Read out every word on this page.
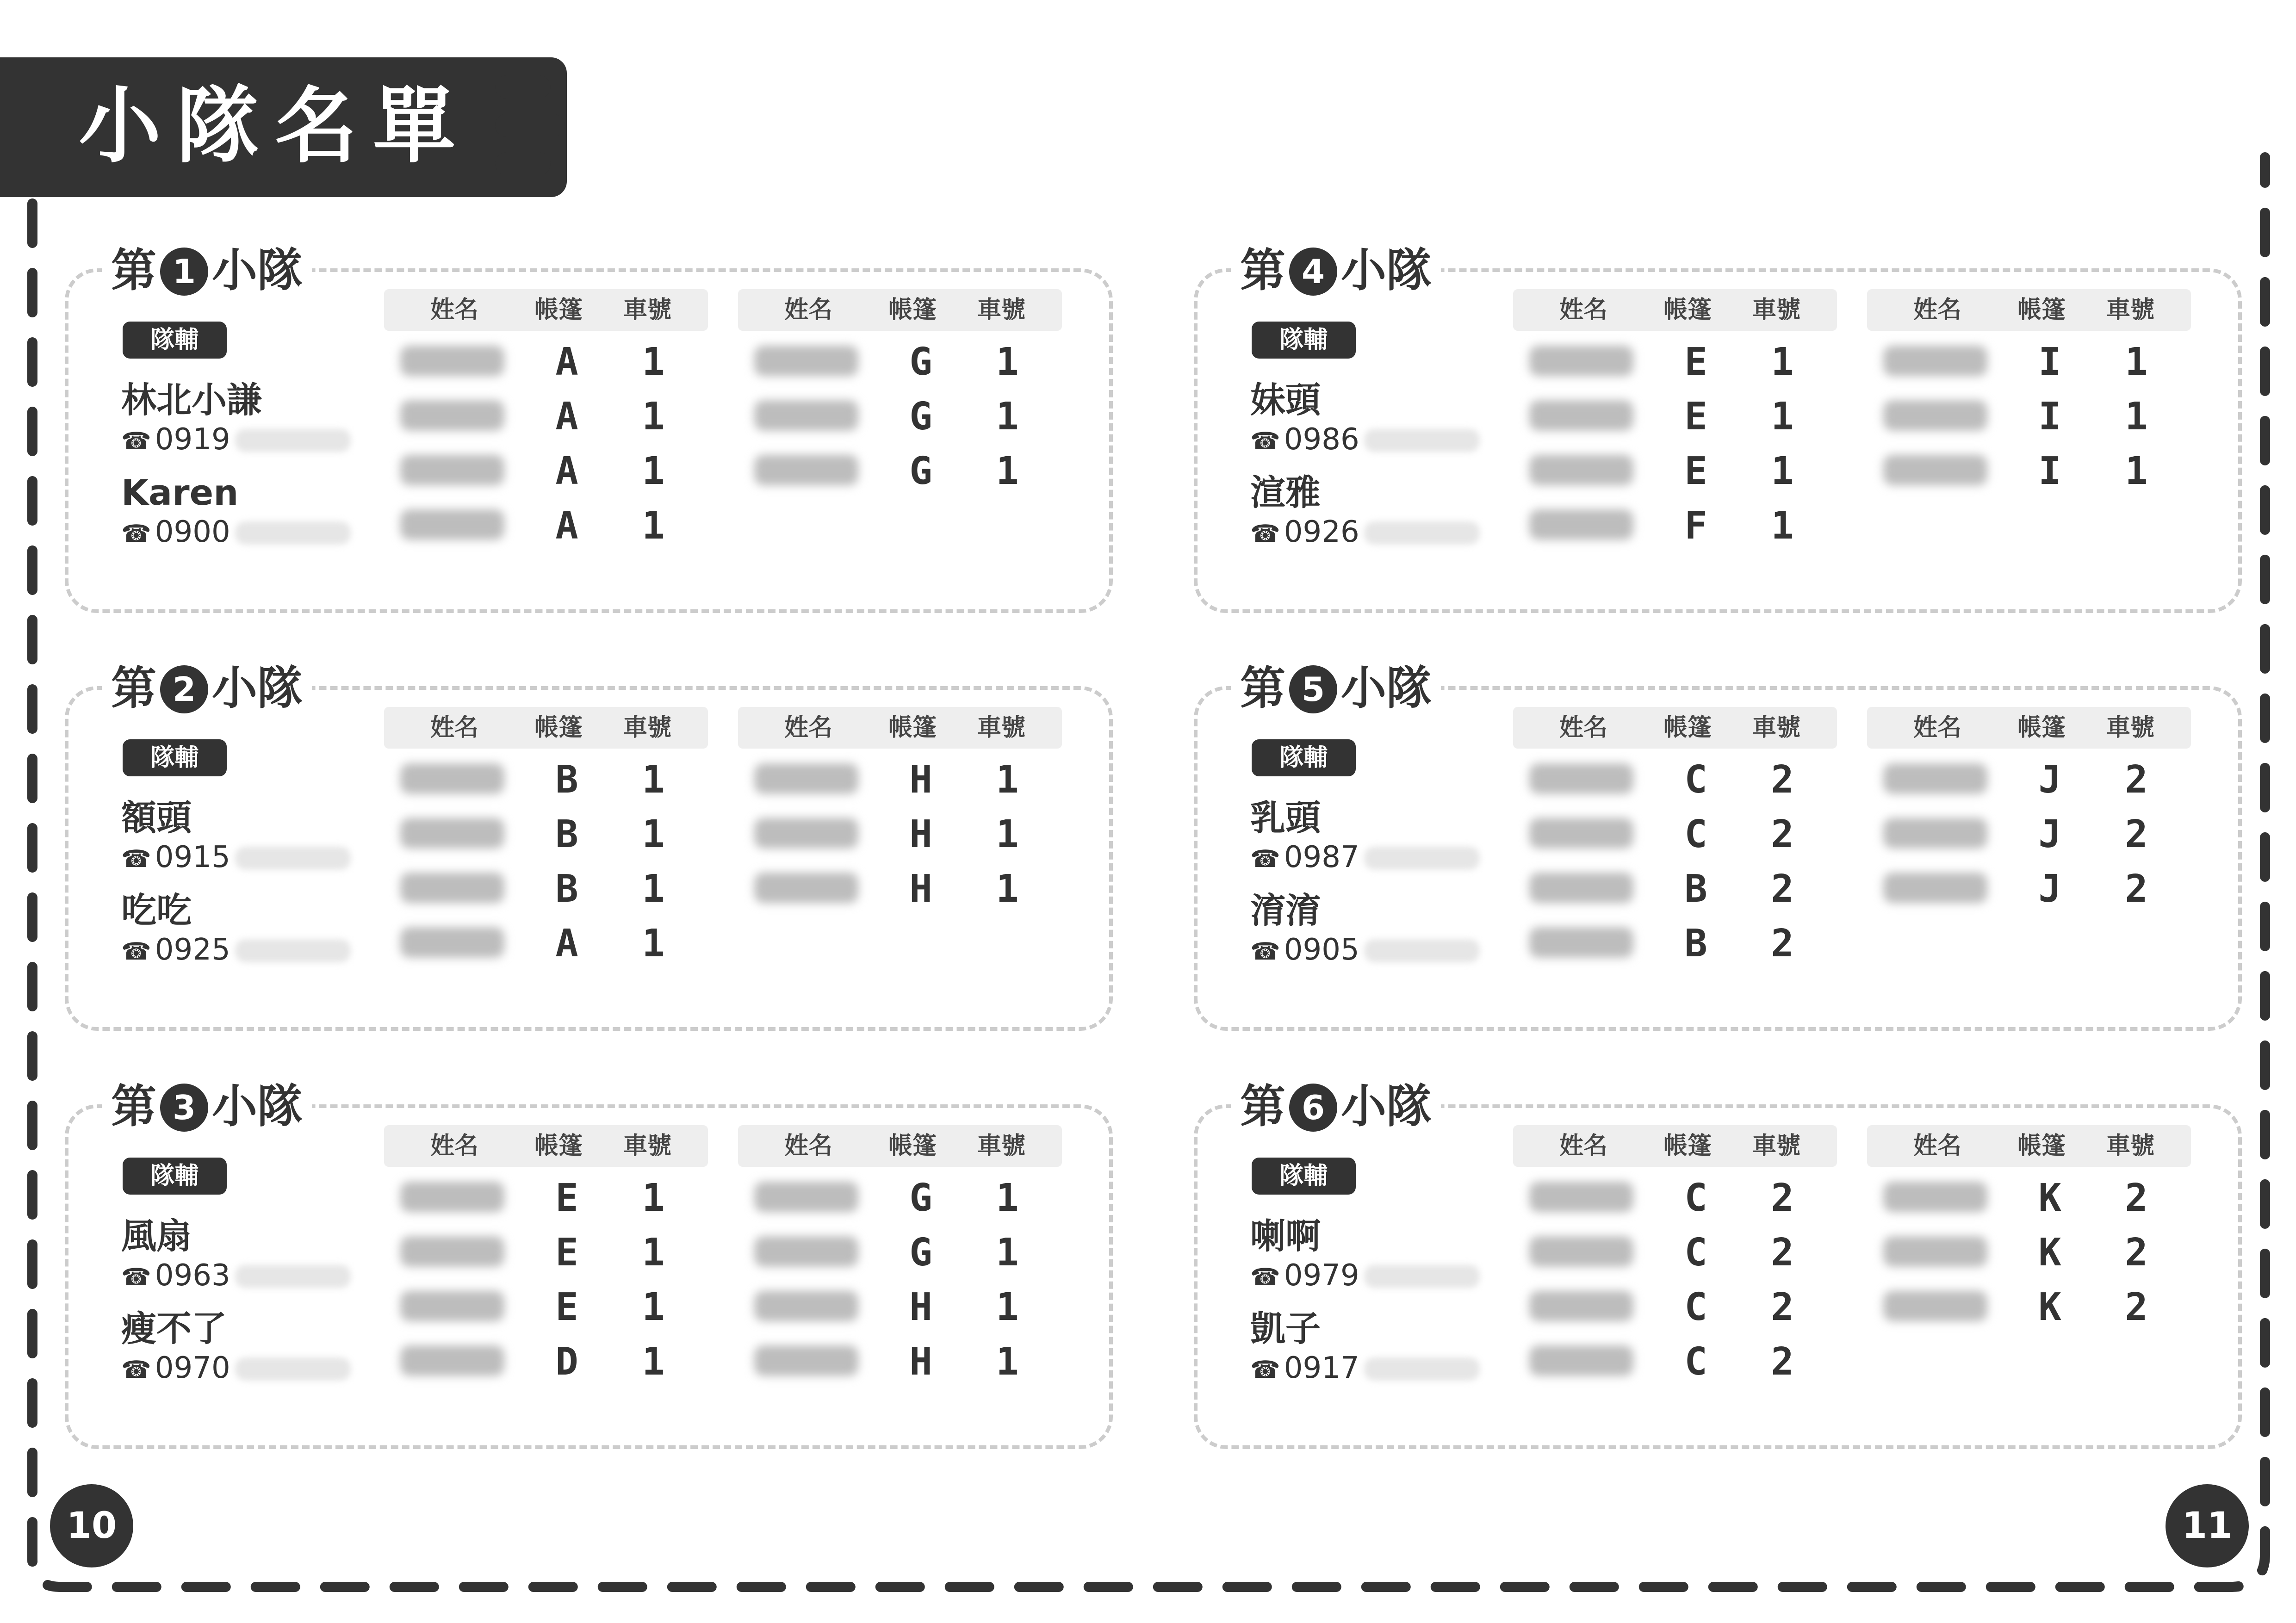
小隊名單
10	11
第 1 小隊
隊輔
林北小謙
☎ 0919
Karen
☎ 0900
姓名 帳篷 車號
A	1
A	1
A	1
A	1
姓名 帳篷 車號
G	1
G	1
G	1
第 2 小隊
隊輔
額頭
☎ 0915
吃吃
☎ 0925
姓名 帳篷 車號
B	1
B	1
B	1
A	1
姓名 帳篷 車號
H	1
H	1
H	1
第 3 小隊
隊輔
風扇
☎ 0963
瘦不了
☎ 0970
姓名 帳篷 車號
E	1
E	1
E	1
D	1
姓名 帳篷 車號
G	1
G	1
H	1
H	1
第 4 小隊
隊輔
妹頭
☎ 0986
渲雅
☎ 0926
姓名 帳篷 車號
E	1
E	1
E	1
F	1
姓名 帳篷 車號
I	1
I	1
I	1
第 5 小隊
隊輔
乳頭
☎ 0987
淯淯
☎ 0905
姓名 帳篷 車號
C	2
C	2
B	2
B	2
姓名 帳篷 車號
J	2
J	2
J	2
第 6 小隊
隊輔
喇啊
☎ 0979
凱子
☎ 0917
姓名 帳篷 車號
C	2
C	2
C	2
C	2
姓名 帳篷 車號
K	2
K	2
K	2
